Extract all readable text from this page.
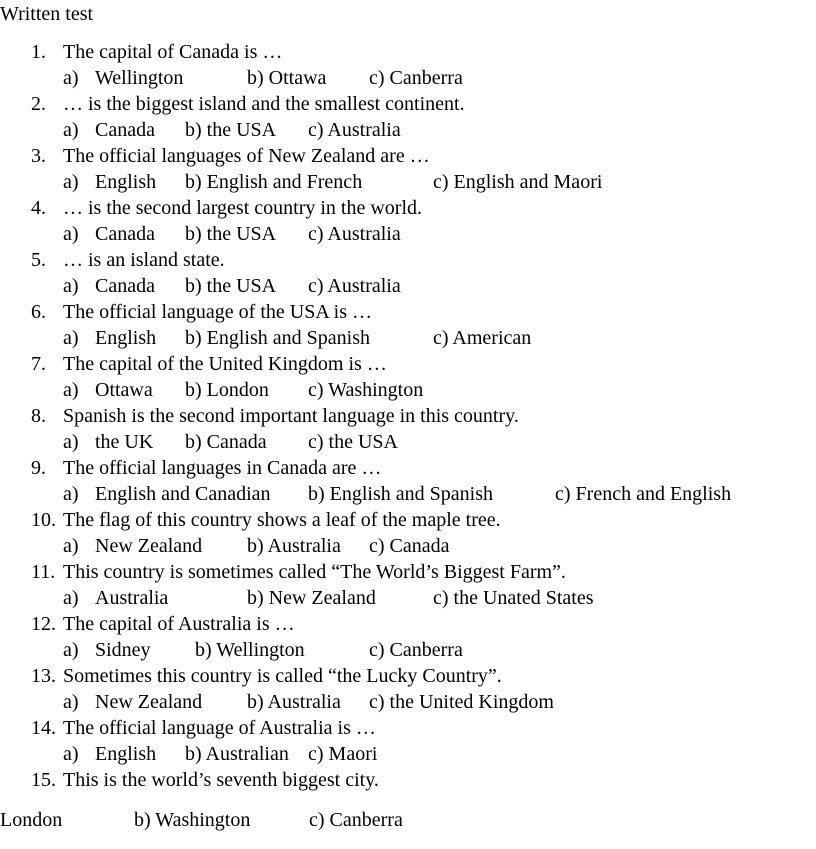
Written test
1. The capital of Canada is …
a) Wellington	b) Ottawa c) Canberra
2. … is the biggest island and the smallest continent.
a) Canada b) the USA c) Australia
3. The official languages of New Zealand are …
a) English b) English and French	c) English and Maori
4. … is the second largest country in the world.
a) Canada b) the USA c) Australia
5. … is an island state.
a) Canada b) the USA c) Australia
6. The official language of the USA is …
a) English b) English and Spanish	c) American
7. The capital of the United Kingdom is …
a) Ottawa b) London c) Washington
8. Spanish is the second important language in this country.
a) the UK b) Canada c) the USA
9. The official languages in Canada are …
a) English and Canadian b) English and Spanish	c) French and English
10. The flag of this country shows a leaf of the maple tree.
a) New Zealand b) Australia c) Canada
11. This country is sometimes called “The World’s Biggest Farm”.
a) Australia	b) New Zealand	c) the Unated States
12. The capital of Australia is …
a) Sidney b) Wellington	c) Canberra
13. Sometimes this country is called “the Lucky Country”.
a) New Zealand b) Australia c) the United Kingdom
14. The official language of Australia is …
a) English b) Australian c) Maori
15. This is the world’s seventh biggest city.
London	b) Washington	c) Canberra
